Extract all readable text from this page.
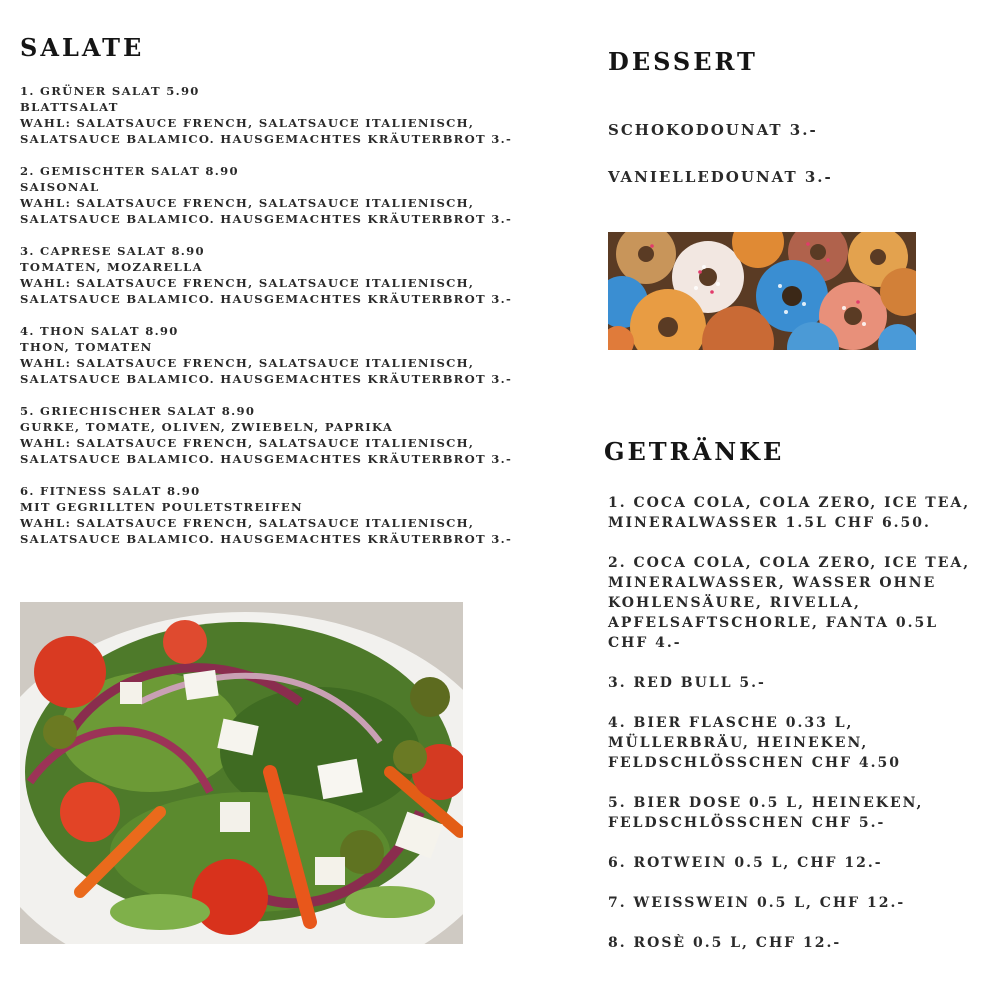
SALATE
1. GRÜNER SALAT 5.90
BLATTSALAT
WAHL: SALATSAUCE FRENCH, SALATSAUCE ITALIENISCH,
SALATSAUCE BALAMICO. HAUSGEMACHTES KRÄUTERBROT 3.-
2. GEMISCHTER SALAT 8.90
SAISONAL
WAHL: SALATSAUCE FRENCH, SALATSAUCE ITALIENISCH,
SALATSAUCE BALAMICO. HAUSGEMACHTES KRÄUTERBROT 3.-
3. CAPRESE SALAT 8.90
TOMATEN, MOZARELLA
WAHL: SALATSAUCE FRENCH, SALATSAUCE ITALIENISCH,
SALATSAUCE BALAMICO. HAUSGEMACHTES KRÄUTERBROT 3.-
4. THON SALAT 8.90
THON, TOMATEN
WAHL: SALATSAUCE FRENCH, SALATSAUCE ITALIENISCH,
SALATSAUCE BALAMICO. HAUSGEMACHTES KRÄUTERBROT 3.-
5. GRIECHISCHER SALAT 8.90
GURKE, TOMATE, OLIVEN, ZWIEBELN, PAPRIKA
WAHL: SALATSAUCE FRENCH, SALATSAUCE ITALIENISCH,
SALATSAUCE BALAMICO. HAUSGEMACHTES KRÄUTERBROT 3.-
6. FITNESS SALAT 8.90
MIT GEGRILLTEN POULETSTREIFEN
WAHL: SALATSAUCE FRENCH, SALATSAUCE ITALIENISCH,
SALATSAUCE BALAMICO. HAUSGEMACHTES KRÄUTERBROT 3.-
DESSERT
SCHOKODOUNAT 3.-
VANIELLEDOUNAT 3.-
GETRÄNKE
1. COCA COLA, COLA ZERO, ICE TEA,
MINERALWASSER 1.5L CHF 6.50.
2. COCA COLA, COLA ZERO, ICE TEA,
MINERALWASSER, WASSER OHNE
KOHLENSÄURE, RIVELLA,
APFELSAFTSCHORLE, FANTA 0.5L
CHF 4.-
3. RED BULL 5.-
4. BIER FLASCHE 0.33 L,
MÜLLERBRÄU, HEINEKEN,
FELDSCHLÖSSCHEN CHF 4.50
5. BIER DOSE 0.5 L, HEINEKEN,
FELDSCHLÖSSCHEN CHF 5.-
6. ROTWEIN 0.5 L, CHF 12.-
7. WEISSWEIN 0.5 L, CHF 12.-
8. ROSÈ 0.5 L, CHF 12.-
